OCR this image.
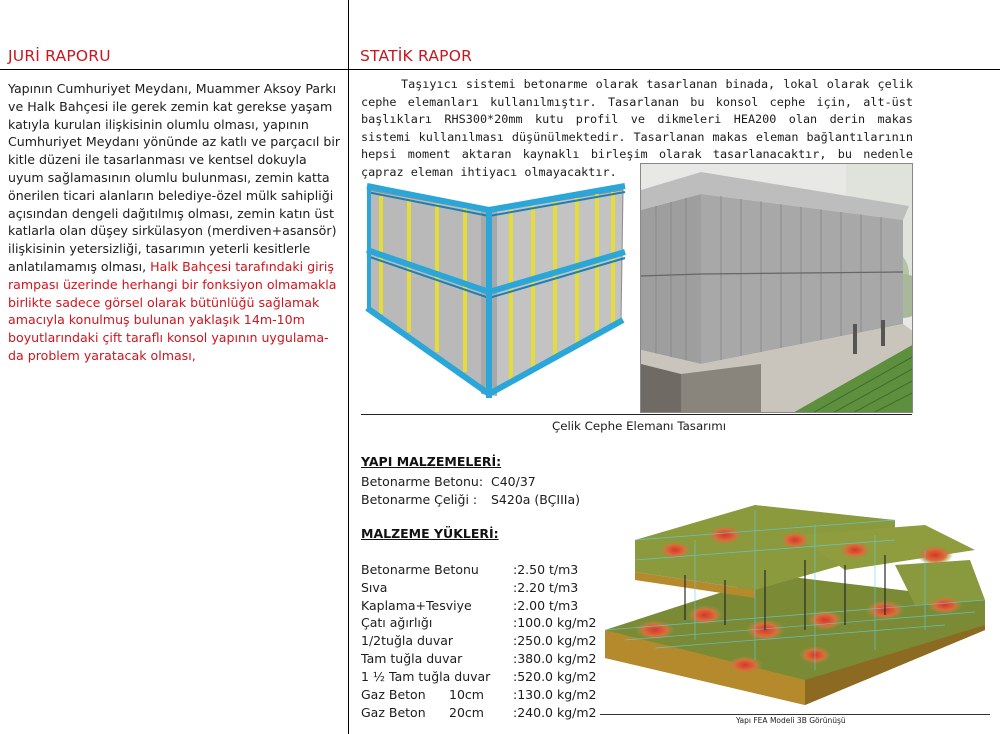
JURİ RAPORU
Yapının Cumhuriyet Meydanı, Muammer Aksoy Parkı ve Halk Bahçesi ile gerek zemin kat gerekse yaşam katıyla kurulan ilişkisinin olumlu olması, yapının Cumhuriyet Meydanı yönünde az katlı ve parçacıl bir kitle düzeni ile tasarlanması ve kentsel dokuyla uyum sağlamasının olumlu bulunması, zemin katta önerilen ticari alanların belediye-özel mülk sahipliği açısından dengeli dağıtılmış olması, zemin katın üst katlarla olan düşey sirkülasyon (merdiven+asansör) ilişkisinin yetersizliği, tasarımın yeterli kesitlerle anlatılamamış olması, Halk Bahçesi tarafındaki giriş rampası üzerinde herhangi bir fonksiyon olmamakla birlikte sadece görsel olarak bütünlüğü sağlamak amacıyla konulmuş bulunan yaklaşık 14m-10m boyutlarındaki çift taraflı konsol yapının uygulama-da problem yaratacak olması,
STATİK RAPOR
Taşıyıcı sistemi betonarme olarak tasarlanan binada, lokal olarak çelik cephe elemanları kullanılmıştır. Tasarlanan bu konsol cephe için, alt-üst başlıkları RHS300*20mm kutu profil ve dikmeleri HEA200 olan derin makas sistemi kullanılması düşünülmektedir. Tasarlanan makas eleman bağlantılarının hepsi moment aktaran kaynaklı birleşim olarak tasarlanacaktır, bu nedenle çapraz eleman ihtiyacı olmayacaktır.
Çelik Cephe Elemanı Tasarımı
YAPI MALZEMELERİ:
Betonarme Betonu: C40/37
Betonarme Çeliği : S420a (BÇIIIa)
MALZEME YÜKLERİ:
Betonarme Betonu	:2.50 t/m3
Sıva	:2.20 t/m3
Kaplama+Tesviye	:2.00 t/m3
Çatı ağırlığı	:100.0 kg/m2
1/2tuğla duvar	:250.0 kg/m2
Tam tuğla duvar	:380.0 kg/m2
1 ½ Tam tuğla duvar :520.0 kg/m2
Gaz Beton 10cm :130.0 kg/m2
Gaz Beton 20cm :240.0 kg/m2
Yapı FEA Modeli 3B Görünüşü
